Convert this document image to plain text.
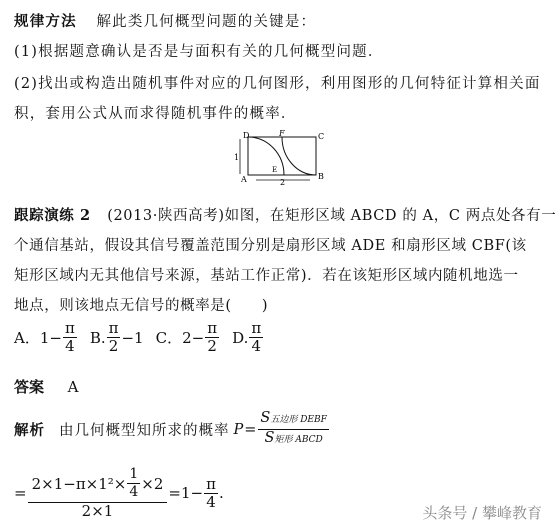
规律方法 解此类几何概型问题的关键是：
(1)根据题意确认是否是与面积有关的几何概型问题．
(2)找出或构造出随机事件对应的几何图形，利用图形的几何特征计算相关面
积，套用公式从而求得随机事件的概率．
D	F	C
A
E
B
1
2
跟踪演练 2 (2013·陕西高考)如图，在矩形区域 ABCD 的 A，C 两点处各有一
个通信基站，假设其信号覆盖范围分别是扇形区域 ADE 和扇形区域 CBF(该
矩形区域内无其他信号来源，基站工作正常)．若在该矩形区域内随机地选一
地点，则该地点无信号的概率是(　　)
A． $1- \frac{\pi}{4} B$. $\frac{\pi}{2} -1$ C． $2- \frac{\pi}{2} D$. $\frac{\pi}{4}$
答案 A
解析 由几何概型知所求的概率 $P = \frac{\text{S五边形 DEBF}}{\text{S矩形 ABCD}}$
= $\frac{2\times 1- \pi\times 1^2\times \frac{1}{4} \times 2}{2\times 1} =1- \frac{\pi}{4}$ .
头条号 / 攀峰教育
